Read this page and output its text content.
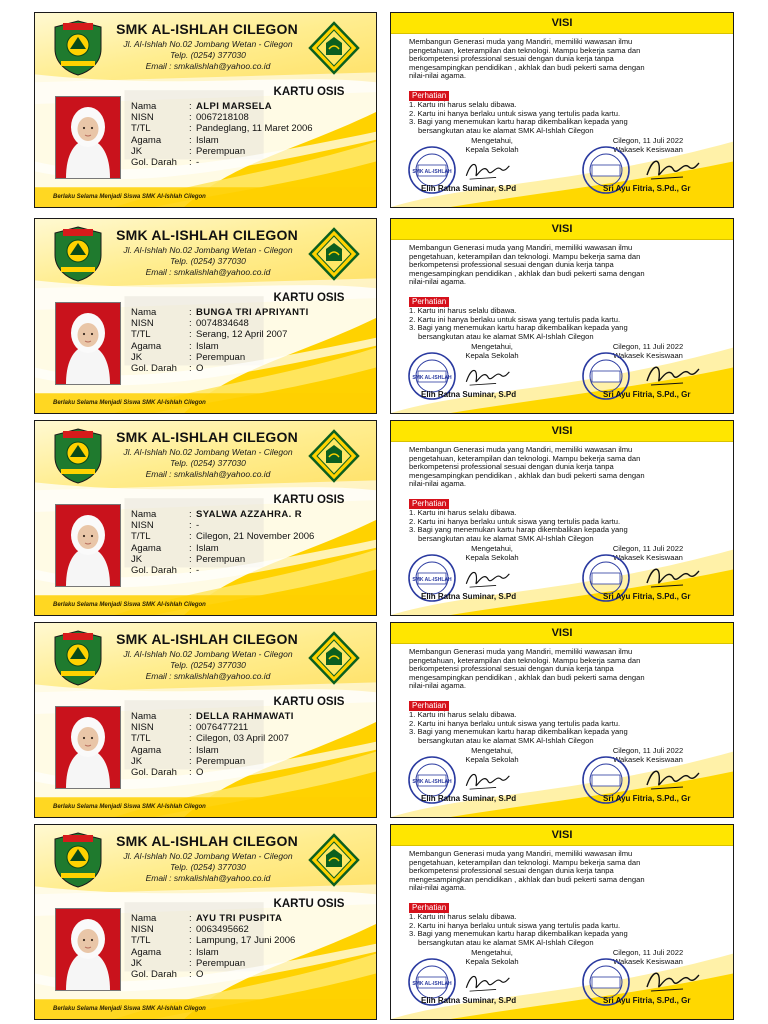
SMK AL-ISHLAH CILEGON
Jl. Al-Ishlah No.02 Jombang Wetan - Cilegon
Telp. (0254) 377030
Email : smkalishlah@yahoo.co.id
KARTU OSIS
Nama	: ALPI MARSELA
NISN	: 0067218108
T/TL	: Pandeglang, 11 Maret 2006
Agama	: Islam
JK	: Perempuan
Gol. Darah : -
Berlaku Selama Menjadi Siswa SMK Al-Ishlah Cilegon
VISI
Membangun Generasi muda yang Mandiri, memiliki wawasan ilmu
pengetahuan, keterampilan dan teknologi. Mampu bekerja sama dan
berkompetensi professional sesuai dengan dunia kerja tanpa
mengesampingkan pendidikan , akhlak dan budi pekerti sama dengan
nilai-nilai agama.
Perhatian
1. Kartu ini harus selalu dibawa.
2. Kartu ini hanya berlaku untuk siswa yang tertulis pada kartu.
3. Bagi yang menemukan kartu harap dikembalikan kepada yang
bersangkutan atau ke alamat SMK Al-Ishlah Cilegon
Mengetahui,
Kepala Sekolah
Cilegon, 11 Juli 2022
Wakasek Kesiswaan
SMK AL-ISHLAH
Elih Ratna Suminar, S.Pd	Sri Ayu Fitria, S.Pd., Gr
SMK AL-ISHLAH CILEGON
Jl. Al-Ishlah No.02 Jombang Wetan - Cilegon
Telp. (0254) 377030
Email : smkalishlah@yahoo.co.id
KARTU OSIS
Nama	: BUNGA TRI APRIYANTI
NISN	: 0074834648
T/TL	: Serang, 12 April 2007
Agama	: Islam
JK	: Perempuan
Gol. Darah : O
Berlaku Selama Menjadi Siswa SMK Al-Ishlah Cilegon
VISI
Membangun Generasi muda yang Mandiri, memiliki wawasan ilmu
pengetahuan, keterampilan dan teknologi. Mampu bekerja sama dan
berkompetensi professional sesuai dengan dunia kerja tanpa
mengesampingkan pendidikan , akhlak dan budi pekerti sama dengan
nilai-nilai agama.
Perhatian
1. Kartu ini harus selalu dibawa.
2. Kartu ini hanya berlaku untuk siswa yang tertulis pada kartu.
3. Bagi yang menemukan kartu harap dikembalikan kepada yang
bersangkutan atau ke alamat SMK Al-Ishlah Cilegon
Mengetahui,
Kepala Sekolah
Cilegon, 11 Juli 2022
Wakasek Kesiswaan
SMK AL-ISHLAH
Elih Ratna Suminar, S.Pd	Sri Ayu Fitria, S.Pd., Gr
SMK AL-ISHLAH CILEGON
Jl. Al-Ishlah No.02 Jombang Wetan - Cilegon
Telp. (0254) 377030
Email : smkalishlah@yahoo.co.id
KARTU OSIS
Nama	: SYALWA AZZAHRA. R
NISN	: -
T/TL	: Cilegon, 21 November 2006
Agama	: Islam
JK	: Perempuan
Gol. Darah : -
Berlaku Selama Menjadi Siswa SMK Al-Ishlah Cilegon
VISI
Membangun Generasi muda yang Mandiri, memiliki wawasan ilmu
pengetahuan, keterampilan dan teknologi. Mampu bekerja sama dan
berkompetensi professional sesuai dengan dunia kerja tanpa
mengesampingkan pendidikan , akhlak dan budi pekerti sama dengan
nilai-nilai agama.
Perhatian
1. Kartu ini harus selalu dibawa.
2. Kartu ini hanya berlaku untuk siswa yang tertulis pada kartu.
3. Bagi yang menemukan kartu harap dikembalikan kepada yang
bersangkutan atau ke alamat SMK Al-Ishlah Cilegon
Mengetahui,
Kepala Sekolah
Cilegon, 11 Juli 2022
Wakasek Kesiswaan
SMK AL-ISHLAH
Elih Ratna Suminar, S.Pd	Sri Ayu Fitria, S.Pd., Gr
SMK AL-ISHLAH CILEGON
Jl. Al-Ishlah No.02 Jombang Wetan - Cilegon
Telp. (0254) 377030
Email : smkalishlah@yahoo.co.id
KARTU OSIS
Nama	: DELLA RAHMAWATI
NISN	: 0076477211
T/TL	: Cilegon, 03 April 2007
Agama	: Islam
JK	: Perempuan
Gol. Darah : O
Berlaku Selama Menjadi Siswa SMK Al-Ishlah Cilegon
VISI
Membangun Generasi muda yang Mandiri, memiliki wawasan ilmu
pengetahuan, keterampilan dan teknologi. Mampu bekerja sama dan
berkompetensi professional sesuai dengan dunia kerja tanpa
mengesampingkan pendidikan , akhlak dan budi pekerti sama dengan
nilai-nilai agama.
Perhatian
1. Kartu ini harus selalu dibawa.
2. Kartu ini hanya berlaku untuk siswa yang tertulis pada kartu.
3. Bagi yang menemukan kartu harap dikembalikan kepada yang
bersangkutan atau ke alamat SMK Al-Ishlah Cilegon
Mengetahui,
Kepala Sekolah
Cilegon, 11 Juli 2022
Wakasek Kesiswaan
SMK AL-ISHLAH
Elih Ratna Suminar, S.Pd	Sri Ayu Fitria, S.Pd., Gr
SMK AL-ISHLAH CILEGON
Jl. Al-Ishlah No.02 Jombang Wetan - Cilegon
Telp. (0254) 377030
Email : smkalishlah@yahoo.co.id
KARTU OSIS
Nama	: AYU TRI PUSPITA
NISN	: 0063495662
T/TL	: Lampung, 17 Juni 2006
Agama	: Islam
JK	: Perempuan
Gol. Darah : O
Berlaku Selama Menjadi Siswa SMK Al-Ishlah Cilegon
VISI
Membangun Generasi muda yang Mandiri, memiliki wawasan ilmu
pengetahuan, keterampilan dan teknologi. Mampu bekerja sama dan
berkompetensi professional sesuai dengan dunia kerja tanpa
mengesampingkan pendidikan , akhlak dan budi pekerti sama dengan
nilai-nilai agama.
Perhatian
1. Kartu ini harus selalu dibawa.
2. Kartu ini hanya berlaku untuk siswa yang tertulis pada kartu.
3. Bagi yang menemukan kartu harap dikembalikan kepada yang
bersangkutan atau ke alamat SMK Al-Ishlah Cilegon
Mengetahui,
Kepala Sekolah
Cilegon, 11 Juli 2022
Wakasek Kesiswaan
SMK AL-ISHLAH
Elih Ratna Suminar, S.Pd	Sri Ayu Fitria, S.Pd., Gr
